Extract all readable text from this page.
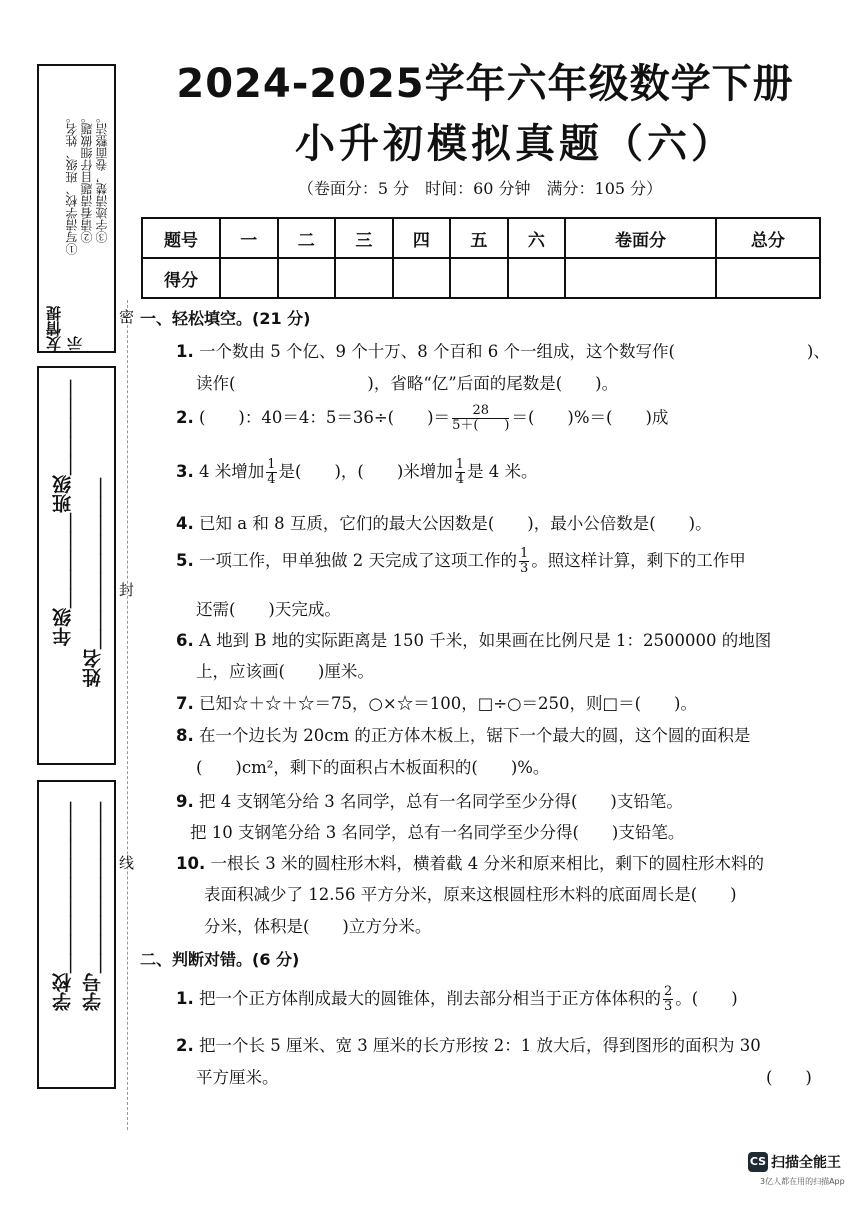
2024-2025学年六年级数学下册
小升初模拟真题（六）
（卷面分：5 分　时间：60 分钟　满分：105 分）
题号	一	二	三	四	五	六	卷面分	总分
得分								
友情提示
①写清学校、班级、姓名。 ②请看清题目仔细做题。 ③字迹清楚，卷面整洁。
年级＿＿＿＿＿班级＿＿＿＿＿ 姓名＿＿＿＿＿＿＿＿＿
学校＿＿＿＿＿＿＿＿＿ 学号＿＿＿＿＿＿＿＿＿
密
封
线
一、轻松填空。(21 分)
1. 一个数由 5 个亿、9 个十万、8 个百和 6 个一组成，这个数写作(　　　　　　　　)、
读作(　　　　　　　　)，省略“亿”后面的尾数是(　　)。
2. (　　)：40＝4：5＝36÷(　　)＝ $\frac{28}{5+( )}$ ＝(　　)%＝(　　)成
3. 4 米增加 $\frac{1}{4}$ 是(　　)，(　　)米增加 $\frac{1}{4}$ 是 4 米。
4. 已知 a 和 8 互质，它们的最大公因数是(　　)，最小公倍数是(　　)。
5. 一项工作，甲单独做 2 天完成了这项工作的 $\frac{1}{3}$ 。照这样计算，剩下的工作甲
还需(　　)天完成。
6. A 地到 B 地的实际距离是 150 千米，如果画在比例尺是 1：2500000 的地图
上，应该画(　　)厘米。
7. 已知☆＋☆＋☆＝75，○×☆＝100，□÷○＝250，则□＝(　　)。
8. 在一个边长为 20cm 的正方体木板上，锯下一个最大的圆，这个圆的面积是
(　　)cm²，剩下的面积占木板面积的(　　)%。
9. 把 4 支钢笔分给 3 名同学，总有一名同学至少分得(　　)支铅笔。
把 10 支钢笔分给 3 名同学，总有一名同学至少分得(　　)支铅笔。
10. 一根长 3 米的圆柱形木料，横着截 4 分米和原来相比，剩下的圆柱形木料的
表面积减少了 12.56 平方分米，原来这根圆柱形木料的底面周长是(　　)
分米，体积是(　　)立方分米。
二、判断对错。(6 分)
1. 把一个正方体削成最大的圆锥体，削去部分相当于正方体体积的 $\frac{2}{3}$ 。(　　)
2. 把一个长 5 厘米、宽 3 厘米的长方形按 2：1 放大后，得到图形的面积为 30
平方厘米。	(　　)
CS 扫描全能王
3亿人都在用的扫描App
